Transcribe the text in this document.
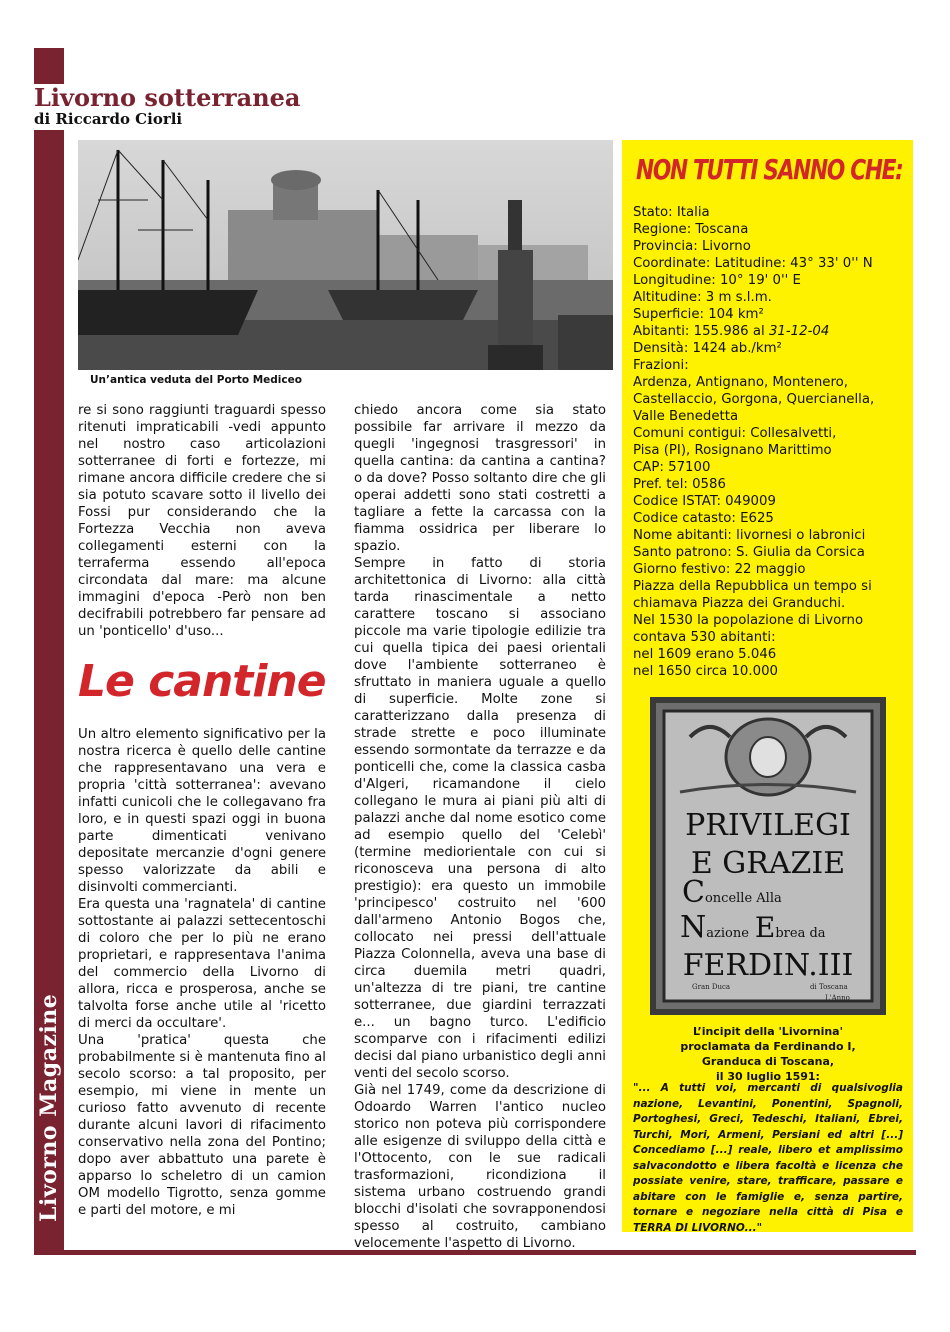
Livorno Magazine
Livorno sotterranea
di Riccardo Ciorli
Un’antica veduta del Porto Mediceo

re si sono raggiunti traguardi spesso ritenuti impraticabili -vedi appunto nel nostro caso articolazioni sotterranee di forti e fortezze, mi rimane ancora difficile credere che si sia potuto scavare sotto il livello dei Fossi pur considerando che la Fortezza Vecchia non aveva collegamenti esterni con la terraferma essendo all'epoca circondata dal mare: ma alcune immagini d'epoca -Però non ben decifrabili potrebbero far pensare ad un 'ponticello' d'uso...

Le cantine

Un altro elemento significativo per la nostra ricerca è quello delle cantine che rappresentavano una vera e propria 'città sotterranea': avevano infatti cunicoli che le collegavano fra loro, e in questi spazi oggi in buona parte dimenticati venivano depositate mercanzie d'ogni genere spesso valorizzate da abili e disinvolti commercianti.

Era questa una 'ragnatela' di cantine sottostante ai palazzi settecentoschi di coloro che per lo più ne erano proprietari, e rappresentava l'anima del commercio della Livorno di allora, ricca e prosperosa, anche se talvolta forse anche utile al 'ricetto di merci da occultare'.

Una 'pratica' questa che probabilmente si è mantenuta fino al secolo scorso: a tal proposito, per esempio, mi viene in mente un curioso fatto avvenuto di recente durante alcuni lavori di rifacimento conservativo nella zona del Pontino; dopo aver abbattuto una parete è apparso lo scheletro di un camion OM modello Tigrotto, senza gomme e parti del motore, e mi

chiedo ancora come sia stato possibile far arrivare il mezzo da quegli 'ingegnosi trasgressori' in quella cantina: da cantina a cantina? o da dove? Posso soltanto dire che gli operai addetti sono stati costretti a tagliare a fette la carcassa con la fiamma ossidrica per liberare lo spazio.

Sempre in fatto di storia architettonica di Livorno: alla città tarda rinascimentale a netto carattere toscano si associano piccole ma varie tipologie edilizie tra cui quella tipica dei paesi orientali dove l'ambiente sotterraneo è sfruttato in maniera uguale a quello di superficie. Molte zone si caratterizzano dalla presenza di strade strette e poco illuminate essendo sormontate da terrazze e da ponticelli che, come la classica casba d'Algeri, ricamandone il cielo collegano le mura ai piani più alti di palazzi anche dal nome esotico come ad esempio quello del 'Celebì' (termine mediorientale con cui si riconosceva una persona di alto prestigio): era questo un immobile 'principesco' costruito nel '600 dall'armeno Antonio Bogos che, collocato nei pressi dell'attuale Piazza Colonnella, aveva una base di circa duemila metri quadri, un'altezza di tre piani, tre cantine sotterranee, due giardini terrazzati e... un bagno turco. L'edificio scomparve con i rifacimenti edilizi decisi dal piano urbanistico degli anni venti del secolo scorso.

Già nel 1749, come da descrizione di Odoardo Warren l'antico nucleo storico non poteva più corrispondere alle esigenze di sviluppo della città e l'Ottocento, con le sue radicali trasformazioni, ricondiziona il sistema urbano costruendo grandi blocchi d'isolati che sovrapponendosi spesso al costruito, cambiano velocemente l'aspetto di Livorno.

NON TUTTI SANNO CHE:
Stato: Italia
Regione: Toscana
Provincia: Livorno
Coordinate: Latitudine: 43° 33' 0'' N
Longitudine: 10° 19' 0'' E
Altitudine: 3 m s.l.m.
Superficie: 104 km²
Abitanti: 155.986 al 31-12-04
Densità: 1424 ab./km²
Frazioni:
Ardenza, Antignano, Montenero,
Castellaccio, Gorgona, Quercianella,
Valle Benedetta
Comuni contigui: Collesalvetti,
Pisa (PI), Rosignano Marittimo
CAP: 57100
Pref. tel: 0586
Codice ISTAT: 049009
Codice catasto: E625
Nome abitanti: livornesi o labronici
Santo patrono: S. Giulia da Corsica
Giorno festivo: 22 maggio
Piazza della Repubblica un tempo si
chiamava Piazza dei Granduchi.
Nel 1530 la popolazione di Livorno
contava 530 abitanti:
nel 1609 erano 5.046
nel 1650 circa 10.000
PRIVILEGI
E GRAZIE
Concelle Alla
Nazione Ebrea da
FERDIN.III
Gran Duca	di Toscana
L'Anno
L’incipit della 'Livornina'
proclamata da Ferdinando I,
Granduca di Toscana,
il 30 luglio 1591:
"... A tutti voi, mercanti di qualsivoglia nazione, Levantini, Ponentini, Spagnoli, Portoghesi, Greci, Tedeschi, Italiani, Ebrei, Turchi, Mori, Armeni, Persiani ed altri [...] Concediamo [...] reale, libero et amplissimo salvacondotto e libera facoltà e licenza che possiate venire, stare, trafficare, passare e abitare con le famiglie e, senza partire, tornare e negoziare nella città di Pisa e TERRA DI LIVORNO..."
